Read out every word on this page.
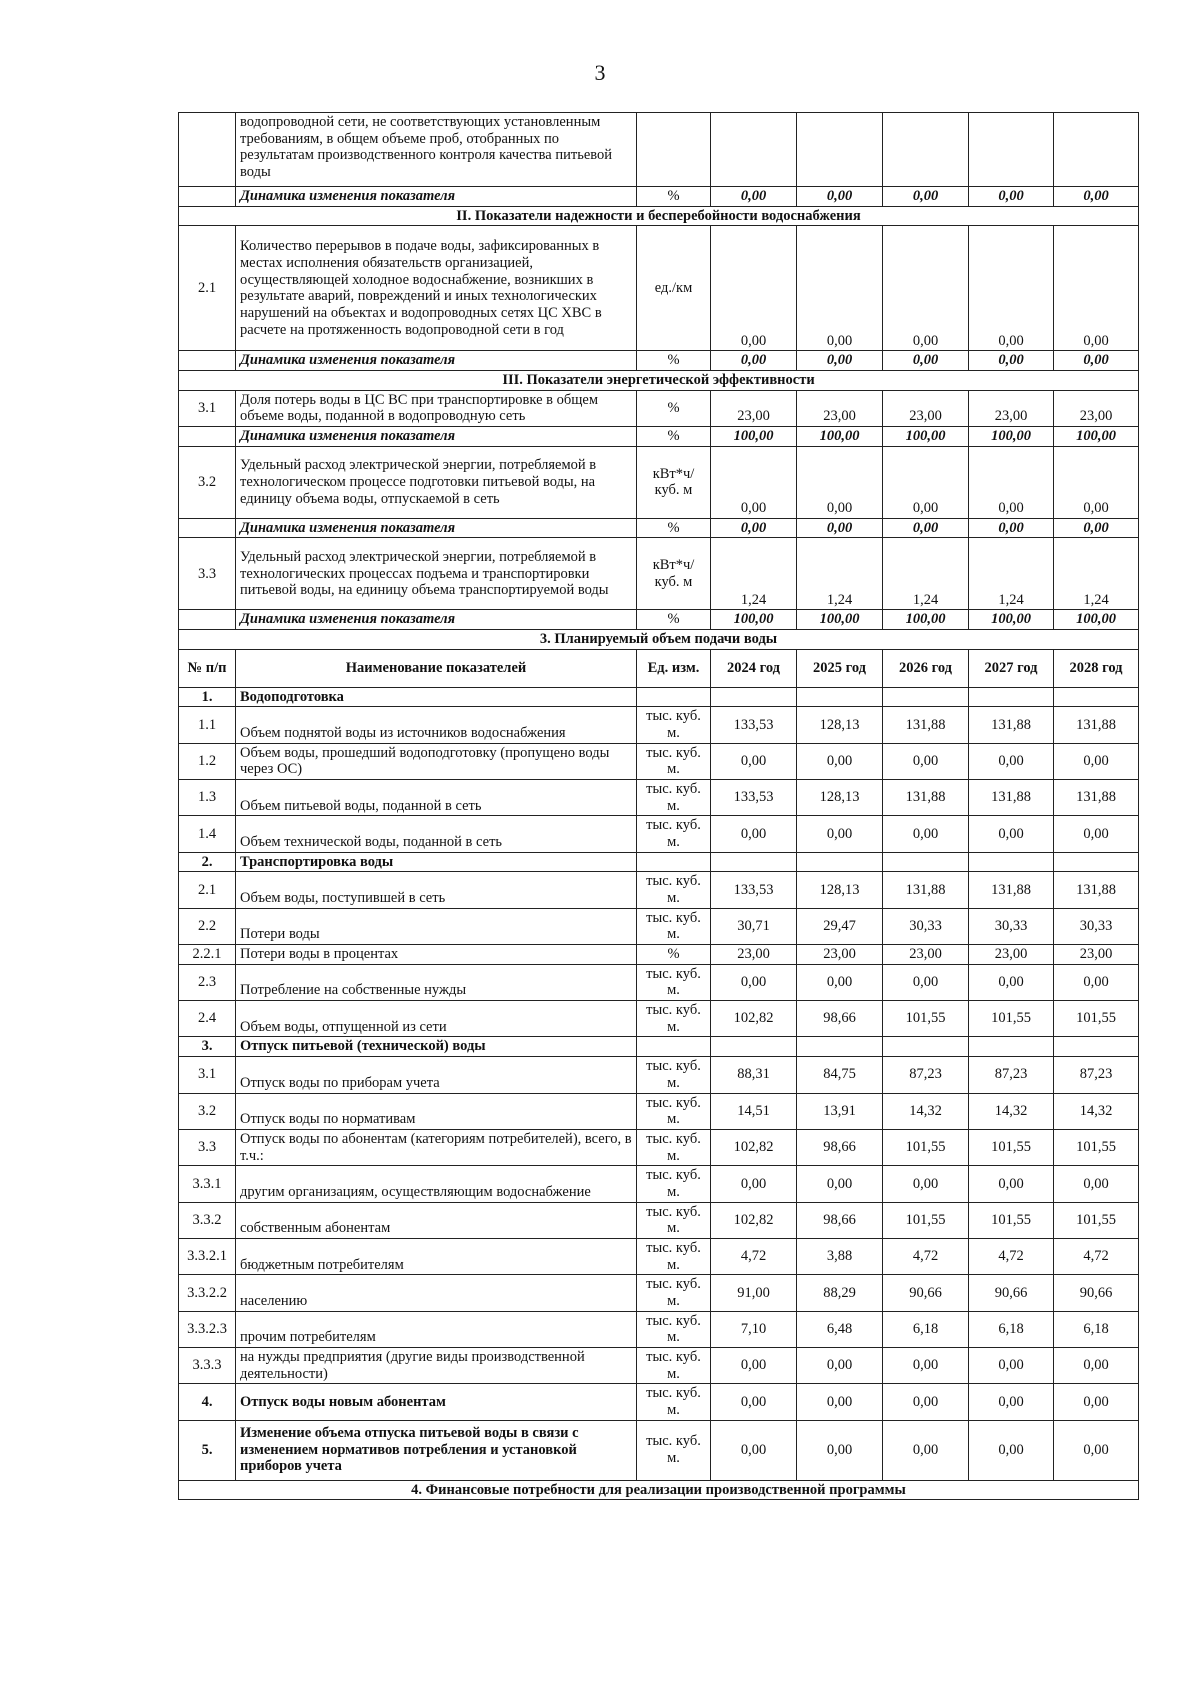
3
	водопроводной сети, не соответствующих установленным требованиям, в общем объеме проб, отобранных по результатам производственного контроля качества питьевой воды						
	Динамика изменения показателя	%	0,00	0,00	0,00	0,00	0,00
II. Показатели надежности и бесперебойности водоснабжения							
2.1	Количество перерывов в подаче воды, зафиксированных в местах исполнения обязательств организацией, осуществляющей холодное водоснабжение, возникших в результате аварий, повреждений и иных технологических нарушений на объектах и водопроводных сетях ЦС ХВС в расчете на протяженность водопроводной сети в год	ед./км	0,00	0,00	0,00	0,00	0,00
	Динамика изменения показателя	%	0,00	0,00	0,00	0,00	0,00
III. Показатели энергетической эффективности							
3.1	Доля потерь воды в ЦС ВС при транспортировке в общем объеме воды, поданной в водопроводную сеть	%	23,00	23,00	23,00	23,00	23,00
	Динамика изменения показателя	%	100,00	100,00	100,00	100,00	100,00
3.2	Удельный расход электрической энергии, потребляемой в технологическом процессе подготовки питьевой воды, на единицу объема воды, отпускаемой в сеть	кВт*ч/ куб. м	0,00	0,00	0,00	0,00	0,00
	Динамика изменения показателя	%	0,00	0,00	0,00	0,00	0,00
3.3	Удельный расход электрической энергии, потребляемой в технологических процессах подъема и транспортировки питьевой воды, на единицу объема транспортируемой воды	кВт*ч/ куб. м	1,24	1,24	1,24	1,24	1,24
	Динамика изменения показателя	%	100,00	100,00	100,00	100,00	100,00
3. Планируемый объем подачи воды							
№ п/п	Наименование показателей	Ед. изм.	2024 год	2025 год	2026 год	2027 год	2028 год
1.	Водоподготовка						
1.1	Объем поднятой воды из источников водоснабжения	тыс. куб. м.	133,53	128,13	131,88	131,88	131,88
1.2	Объем воды, прошедший водоподготовку (пропущено воды через ОС)	тыс. куб. м.	0,00	0,00	0,00	0,00	0,00
1.3	Объем питьевой воды, поданной в сеть	тыс. куб. м.	133,53	128,13	131,88	131,88	131,88
1.4	Объем технической воды, поданной в сеть	тыс. куб. м.	0,00	0,00	0,00	0,00	0,00
2.	Транспортировка воды						
2.1	Объем воды, поступившей в сеть	тыс. куб. м.	133,53	128,13	131,88	131,88	131,88
2.2	Потери воды	тыс. куб. м.	30,71	29,47	30,33	30,33	30,33
2.2.1	Потери воды в процентах	%	23,00	23,00	23,00	23,00	23,00
2.3	Потребление на собственные нужды	тыс. куб. м.	0,00	0,00	0,00	0,00	0,00
2.4	Объем воды, отпущенной из сети	тыс. куб. м.	102,82	98,66	101,55	101,55	101,55
3.	Отпуск питьевой (технической) воды						
3.1	Отпуск воды по приборам учета	тыс. куб. м.	88,31	84,75	87,23	87,23	87,23
3.2	Отпуск воды по нормативам	тыс. куб. м.	14,51	13,91	14,32	14,32	14,32
3.3	Отпуск воды по абонентам (категориям потребителей), всего, в т.ч.:	тыс. куб. м.	102,82	98,66	101,55	101,55	101,55
3.3.1	другим организациям, осуществляющим водоснабжение	тыс. куб. м.	0,00	0,00	0,00	0,00	0,00
3.3.2	собственным абонентам	тыс. куб. м.	102,82	98,66	101,55	101,55	101,55
3.3.2.1	бюджетным потребителям	тыс. куб. м.	4,72	3,88	4,72	4,72	4,72
3.3.2.2	населению	тыс. куб. м.	91,00	88,29	90,66	90,66	90,66
3.3.2.3	прочим потребителям	тыс. куб. м.	7,10	6,48	6,18	6,18	6,18
3.3.3	на нужды предприятия (другие виды производственной деятельности)	тыс. куб. м.	0,00	0,00	0,00	0,00	0,00
4.	Отпуск воды новым абонентам	тыс. куб. м.	0,00	0,00	0,00	0,00	0,00
5.	Изменение объема отпуска питьевой воды в связи с изменением нормативов потребления и установкой приборов учета	тыс. куб. м.	0,00	0,00	0,00	0,00	0,00
4. Финансовые потребности для реализации производственной программы							
